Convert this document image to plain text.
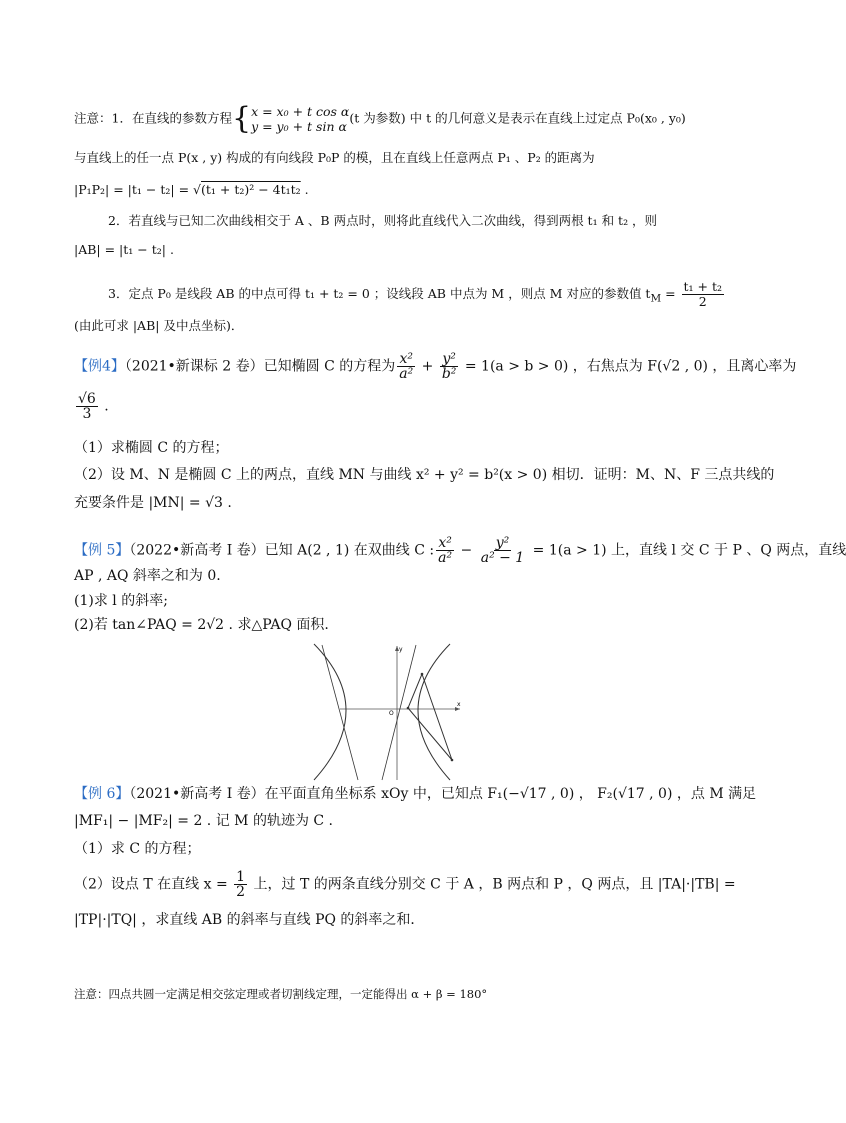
注意：1．在直线的参数方程{ x = x₀ + t cos α
y = y₀ + t sin α
(t 为参数) 中 t 的几何意义是表示在直线上过定点 P₀(x₀ , y₀)
与直线上的任一点 P(x , y) 构成的有向线段 P₀P 的模，且在直线上任意两点 P₁ 、P₂ 的距离为
|P₁P₂| = |t₁ − t₂| = √(t₁ + t₂)² − 4t₁t₂ .
2．若直线与已知二次曲线相交于 A 、B 两点时，则将此直线代入二次曲线，得到两根 t₁ 和 t₂ ，则
|AB| = |t₁ − t₂| .
3．定点 P₀ 是线段 AB 的中点可得 t₁ + t₂ = 0 ；设线段 AB 中点为 M ，则点 M 对应的参数值 $t_M = \frac{\text{t₁ + t₂}}{2}$
(由此可求 |AB| 及中点坐标)．
【例4】（2021•新课标 2 卷）已知椭圆 C 的方程为 $\frac{\text{x²}}{\text{a²}} + \frac{\text{y²}}{\text{b²}} = 1(a > b > 0)$ ，右焦点为 F(√2 , 0) ，且离心率为
$\frac{√6}{3}$ .
（1）求椭圆 C 的方程；
（2）设 M、N 是椭圆 C 上的两点，直线 MN 与曲线 x² + y² = b²(x > 0) 相切．证明：M、N、F 三点共线的
充要条件是 |MN| = √3 .
【例 5】（2022•新高考 I 卷）已知 A(2 , 1) 在双曲线 C : $\frac{\text{x²}}{\text{a²}} - \frac{\text{y²}}{\text{a² − 1}} = 1(a > 1)$ 上，直线 l 交 C 于 P 、Q 两点，直线
AP , AQ 斜率之和为 0.
(1)求 l 的斜率;
(2)若 tan∠PAQ = 2√2 . 求△PAQ 面积.
y
x
O
【例 6】（2021•新高考 I 卷）在平面直角坐标系 xOy 中，已知点 F₁(−√17 , 0) ， F₂(√17 , 0) ，点 M 满足
|MF₁| − |MF₂| = 2 . 记 M 的轨迹为 C .
（1）求 C 的方程；
（2）设点 T 在直线 $x = \frac{1}{2}$ 上，过 T 的两条直线分别交 C 于 A ，B 两点和 P ，Q 两点，且 |TA|·|TB| =
|TP|·|TQ| ，求直线 AB 的斜率与直线 PQ 的斜率之和．
注意：四点共圆一定满足相交弦定理或者切割线定理，一定能得出 α + β = 180°
